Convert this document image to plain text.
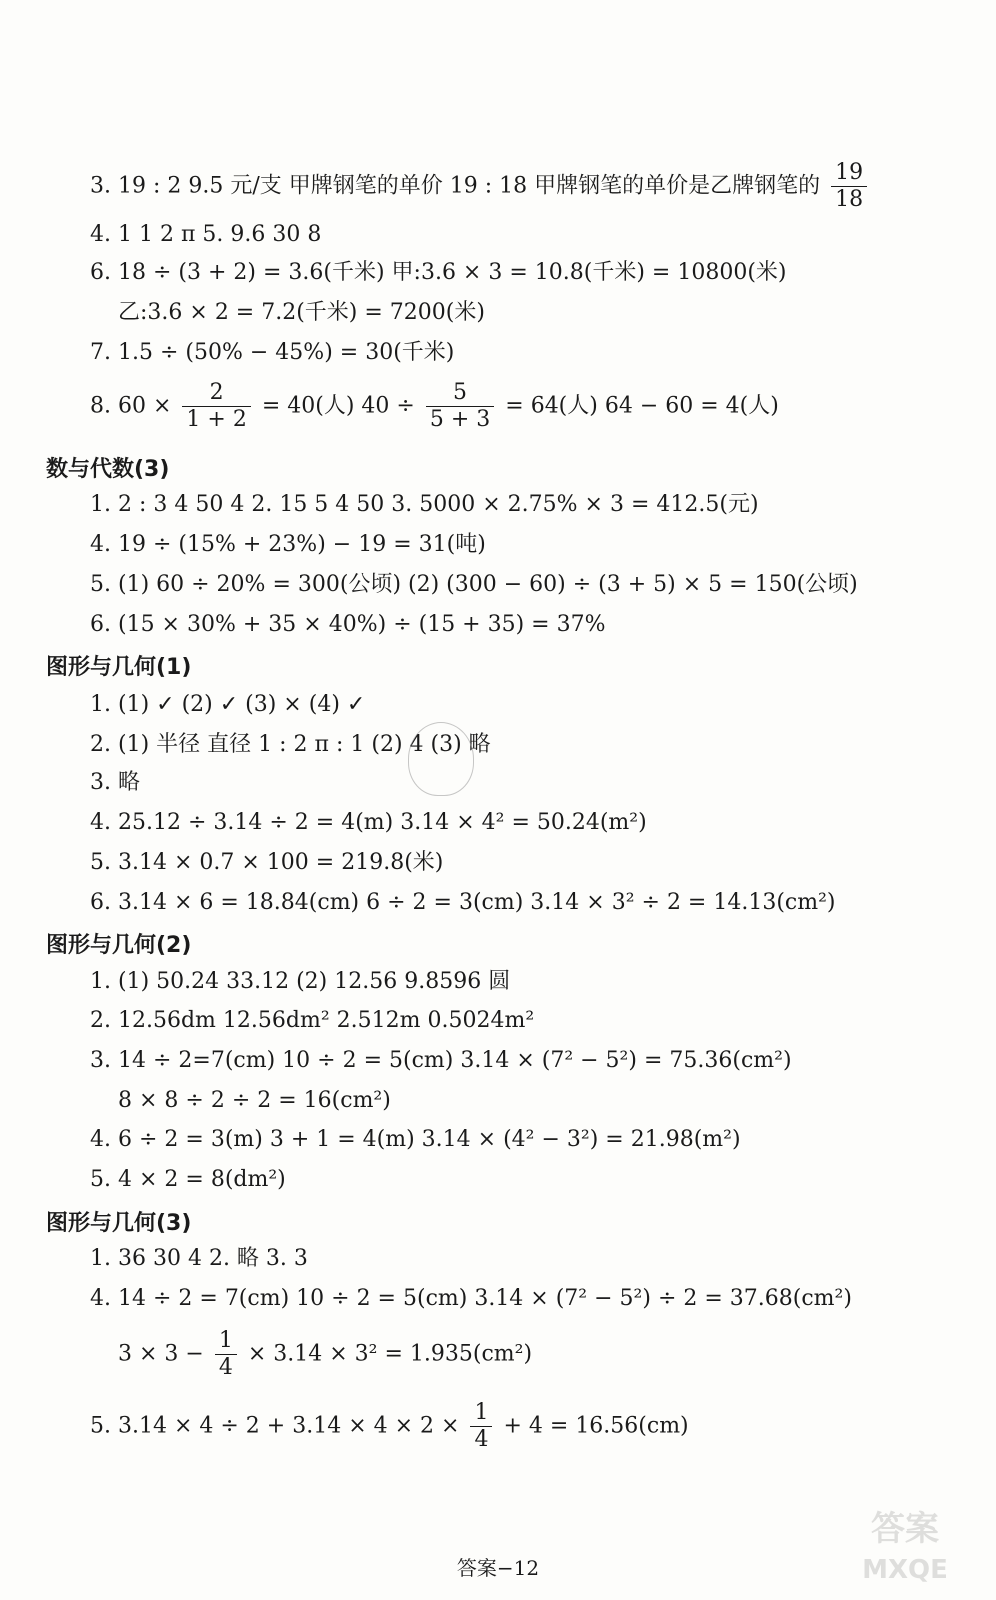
3. 19 : 2 9.5 元/支 甲牌钢笔的单价 19 : 18 甲牌钢笔的单价是乙牌钢笔的 $\frac{19}{18}$
4. 1 1 2 π 5. 9.6 30 8
6. 18 ÷ (3 + 2) = 3.6(千米) 甲:3.6 × 3 = 10.8(千米) = 10800(米)
乙:3.6 × 2 = 7.2(千米) = 7200(米)
7. 1.5 ÷ (50% − 45%) = 30(千米)
8. $60 \times \frac{2}{1 + 2} = 40$(人) $40 \div \frac{5}{5 + 3} = 64$(人) 64 − 60 = 4(人)
数与代数(3)
1. 2 : 3 4 50 4 2. 15 5 4 50 3. 5000 × 2.75% × 3 = 412.5(元)
4. 19 ÷ (15% + 23%) − 19 = 31(吨)
5. (1) 60 ÷ 20% = 300(公顷) (2) (300 − 60) ÷ (3 + 5) × 5 = 150(公顷)
6. (15 × 30% + 35 × 40%) ÷ (15 + 35) = 37%
图形与几何(1)
1. (1) ✓ (2) ✓ (3) × (4) ✓
2. (1) 半径 直径 1 : 2 π : 1 (2) 4 (3) 略
3. 略
4. 25.12 ÷ 3.14 ÷ 2 = 4(m) 3.14 × 4² = 50.24(m²)
5. 3.14 × 0.7 × 100 = 219.8(米)
6. 3.14 × 6 = 18.84(cm) 6 ÷ 2 = 3(cm) 3.14 × 3² ÷ 2 = 14.13(cm²)
图形与几何(2)
1. (1) 50.24 33.12 (2) 12.56 9.8596 圆
2. 12.56dm 12.56dm² 2.512m 0.5024m²
3. 14 ÷ 2=7(cm) 10 ÷ 2 = 5(cm) 3.14 × (7² − 5²) = 75.36(cm²)
8 × 8 ÷ 2 ÷ 2 = 16(cm²)
4. 6 ÷ 2 = 3(m) 3 + 1 = 4(m) 3.14 × (4² − 3²) = 21.98(m²)
5. 4 × 2 = 8(dm²)
图形与几何(3)
1. 36 30 4 2. 略 3. 3
4. 14 ÷ 2 = 7(cm) 10 ÷ 2 = 5(cm) 3.14 × (7² − 5²) ÷ 2 = 37.68(cm²)
$3 \times 3 - \frac{1}{4} \times 3.14 \times 3^2 = 1.935(cm^2)$
5. $3.14 \times 4 \div 2 + 3.14 \times 4 \times 2 \times \frac{1}{4} + 4 = 16.56(cm)$
答案
MXQE
答案−12
